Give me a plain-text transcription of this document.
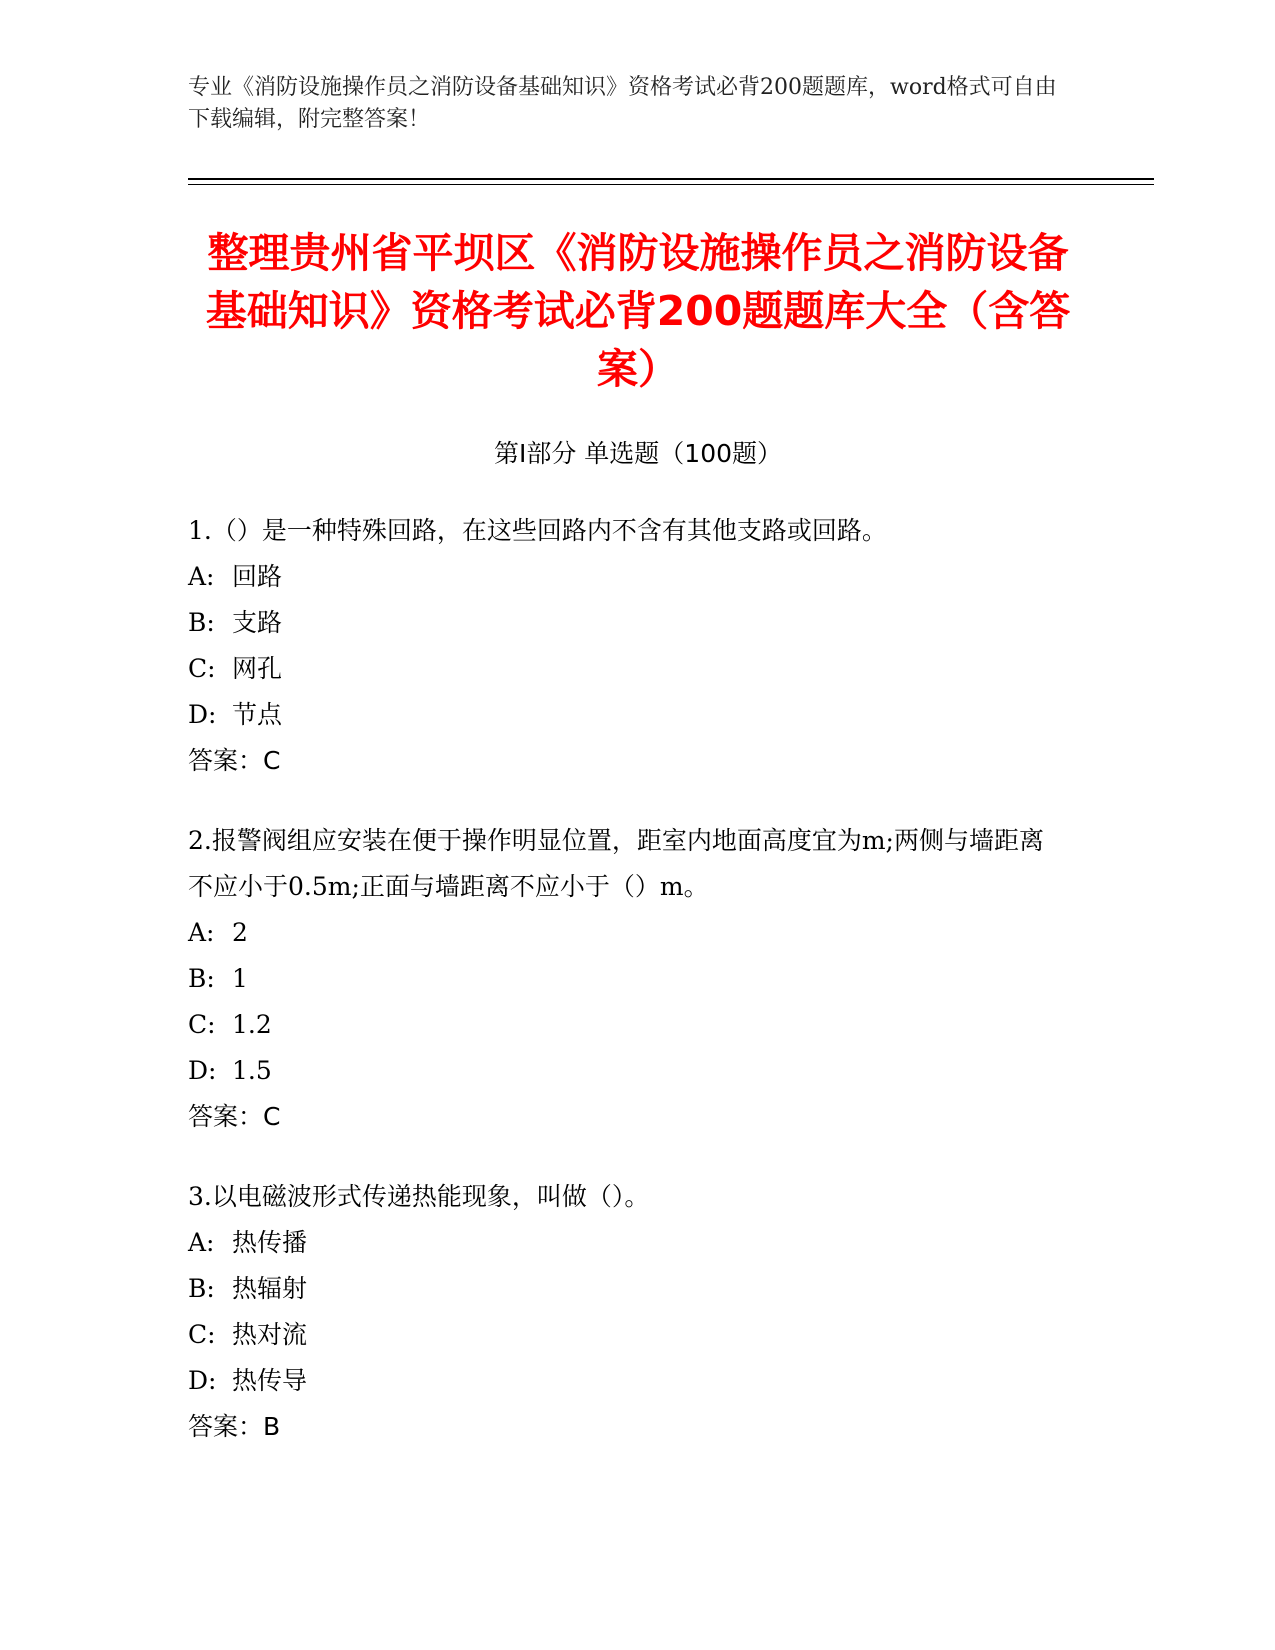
专业《消防设施操作员之消防设备基础知识》资格考试必背200题题库，word格式可自由下载编辑，附完整答案！
整理贵州省平坝区《消防设施操作员之消防设备基础知识》资格考试必背200题题库大全（含答案）
第Ⅰ部分 单选题（100题）

1.（）是一种特殊回路，在这些回路内不含有其他支路或回路。

A: 回路

B: 支路

C: 网孔

D: 节点

答案：C

2.报警阀组应安装在便于操作明显位置，距室内地面高度宜为m;两侧与墙距离不应小于0.5m;正面与墙距离不应小于（）m。

A: 2

B: 1

C: 1.2

D: 1.5

答案：C

3.以电磁波形式传递热能现象，叫做（）。

A: 热传播

B: 热辐射

C: 热对流

D: 热传导

答案：B
